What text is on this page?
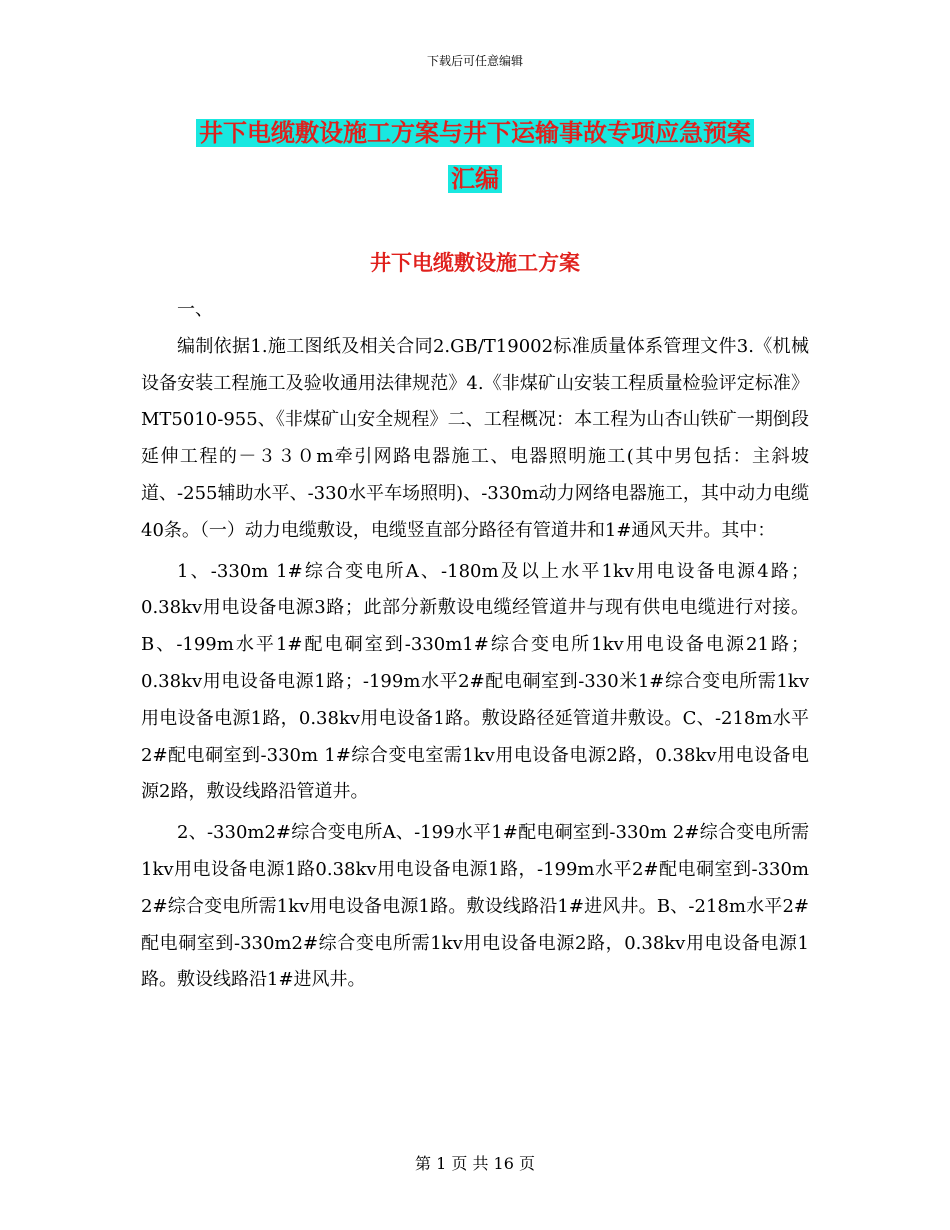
下载后可任意编辑
井下电缆敷设施工方案与井下运输事故专项应急预案
汇编
井下电缆敷设施工方案

一、

编制依据1.施工图纸及相关合同2.GB/T19002标准质量体系管理文件3.《机械设备安装工程施工及验收通用法律规范》4.《非煤矿山安装工程质量检验评定标准》MT5010-955、《非煤矿山安全规程》二、工程概况：本工程为山杏山铁矿一期倒段延伸工程的－３３０m牵引网路电器施工、电器照明施工(其中男包括：主斜坡道、-255辅助水平、-330水平车场照明)、-330m动力网络电器施工，其中动力电缆40条。（一）动力电缆敷设，电缆竖直部分路径有管道井和1#通风天井。其中：

1、-330m 1#综合变电所A、-180m及以上水平1kv用电设备电源4路；0.38kv用电设备电源3路；此部分新敷设电缆经管道井与现有供电电缆进行对接。B、-199m水平1#配电硐室到-330m1#综合变电所1kv用电设备电源21路；0.38kv用电设备电源1路；-199m水平2#配电硐室到-330米1#综合变电所需1kv用电设备电源1路，0.38kv用电设备1路。敷设路径延管道井敷设。C、-218m水平2#配电硐室到-330m 1#综合变电室需1kv用电设备电源2路，0.38kv用电设备电源2路，敷设线路沿管道井。

2、-330m2#综合变电所A、-199水平1#配电硐室到-330m 2#综合变电所需1kv用电设备电源1路0.38kv用电设备电源1路，-199m水平2#配电硐室到-330m 2#综合变电所需1kv用电设备电源1路。敷设线路沿1#进风井。B、-218m水平2#配电硐室到-330m2#综合变电所需1kv用电设备电源2路，0.38kv用电设备电源1路。敷设线路沿1#进风井。

第 1 页 共 16 页
